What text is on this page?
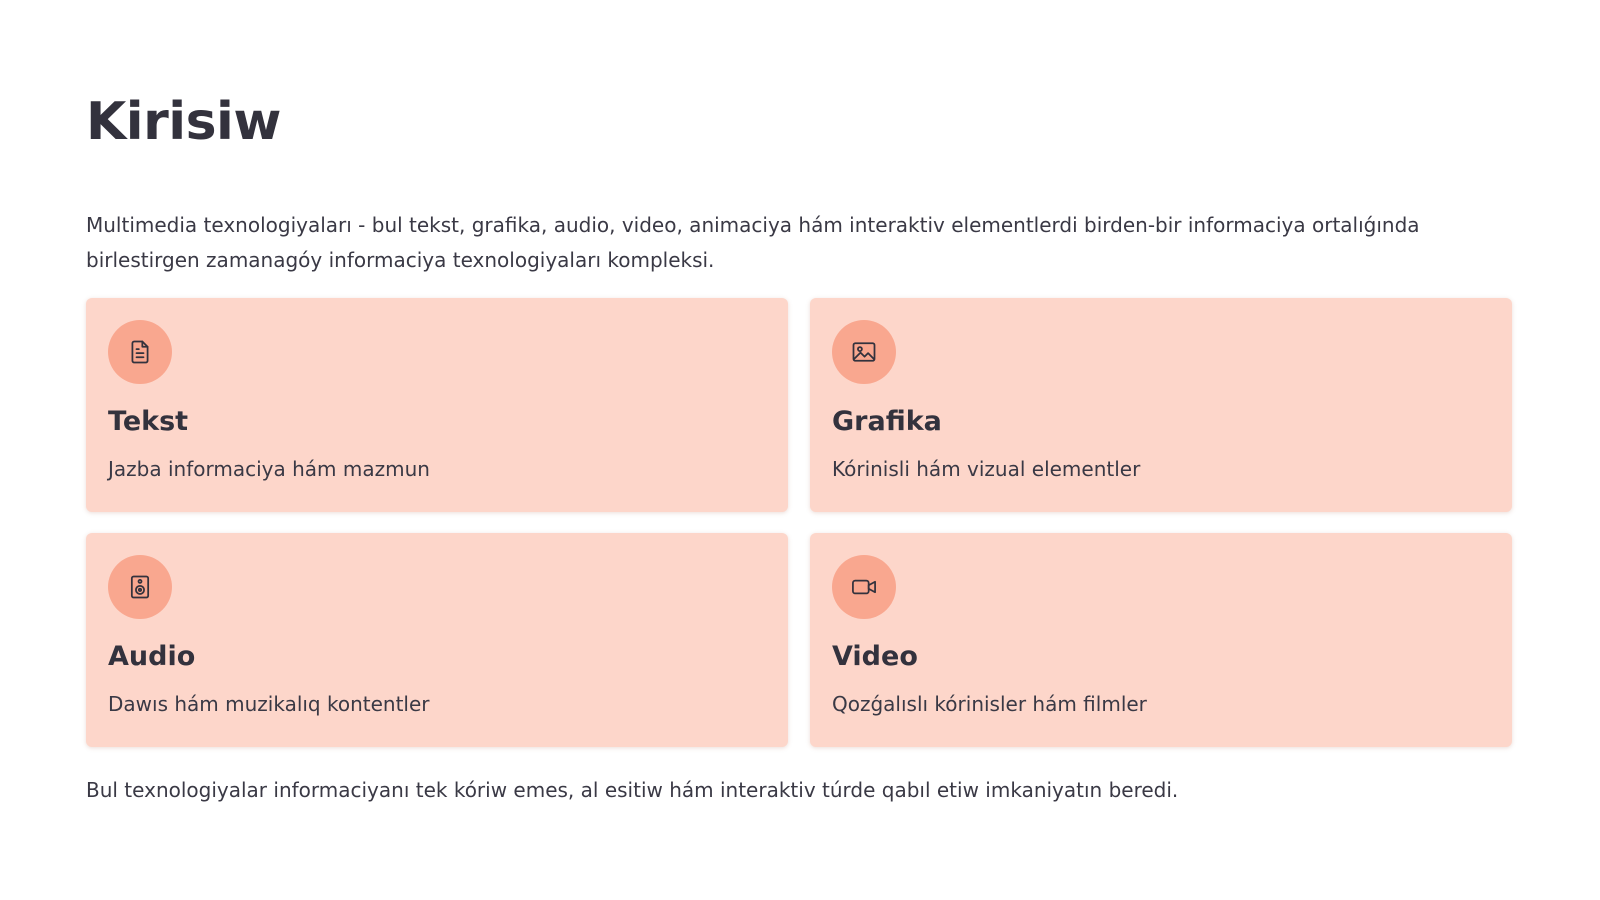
Kirisiw

Multimedia texnologiyaları - bul tekst, grafika, audio, video, animaciya hám interaktiv elementlerdi birden-bir informaciya ortalıǵında birlestirgen zamanagóy informaciya texnologiyaları kompleksi.

Tekst
Jazba informaciya hám mazmun
Grafika
Kórinisli hám vizual elementler
Audio
Dawıs hám muzikalıq kontentler
Video
Qozǵalıslı kórinisler hám filmler

Bul texnologiyalar informaciyanı tek kóriw emes, al esitiw hám interaktiv túrde qabıl etiw imkaniyatın beredi.
